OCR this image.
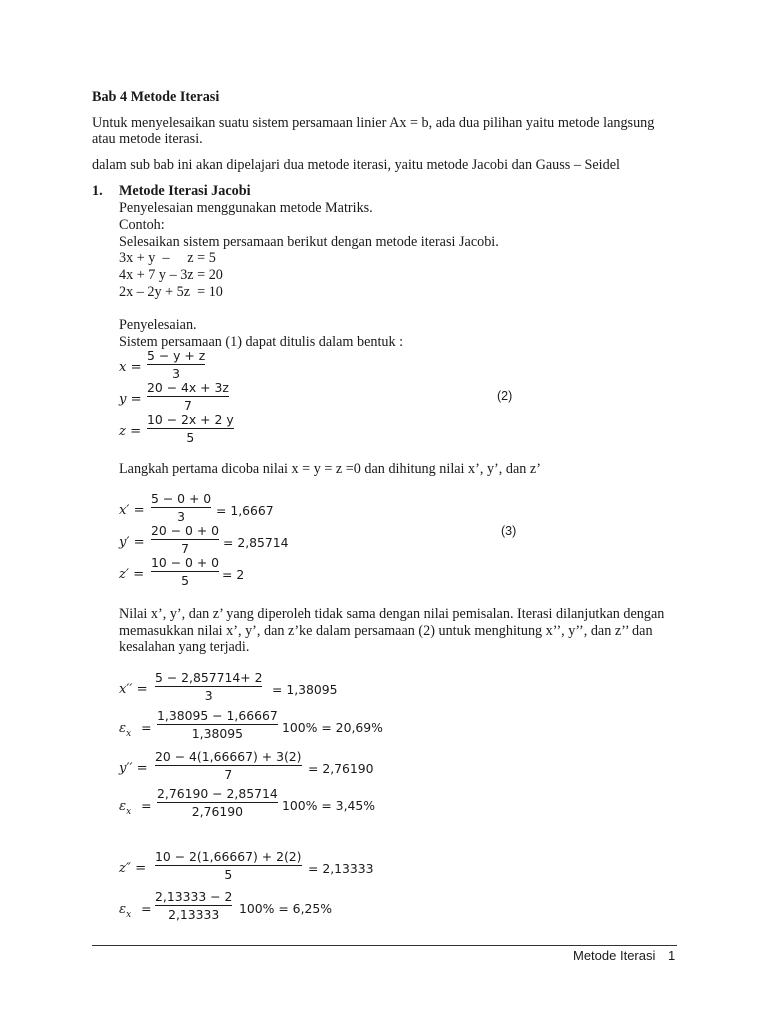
Bab 4 Metode Iterasi
Untuk menyelesaikan suatu sistem persamaan linier Ax = b, ada dua pilihan yaitu metode langsung
atau metode iterasi.
dalam sub bab ini akan dipelajari dua metode iterasi, yaitu metode Jacobi dan Gauss – Seidel
1. Metode Iterasi Jacobi
Penyelesaian menggunakan metode Matriks.
Contoh:
Selesaikan sistem persamaan berikut dengan metode iterasi Jacobi.
3x + y  –     z = 5
4x + 7 y – 3z = 20
2x – 2y + 5z  = 10
Penyelesaian.
Sistem persamaan (1) dapat ditulis dalam bentuk :
x =
5 − y + z
3
y =
20 − 4x + 3z
7
(2)
z =
10 − 2x + 2 y
5
Langkah pertama dicoba nilai x = y = z =0 dan dihitung nilai x’, y’, dan z’
x′ =
5 − 0 + 0
3	= 1,6667
y′ =
20 − 0 + 0
7	= 2,85714
(3)
z′ =
10 − 0 + 0
5	= 2
Nilai x’, y’, dan z’ yang diperoleh tidak sama dengan nilai pemisalan. Iterasi dilanjutkan dengan
memasukkan nilai x’, y’, dan z’ke dalam persamaan (2) untuk menghitung x’’, y’’, dan z’’ dan
kesalahan yang terjadi.
x′′ =
5 − 2,857714+ 2
3	= 1,38095
$\varepsilon_x$ =
1,38095 − 1,66667
1,38095	100% = 20,69%
y′′ =
20 − 4(1,66667) + 3(2)
7	= 2,76190
$\varepsilon_x$ =
2,76190 − 2,85714
2,76190	100% = 3,45%
z″ =
10 − 2(1,66667) + 2(2)
5	= 2,13333
$\varepsilon_x$ =
2,13333 − 2
2,13333	100% = 6,25%
Metode Iterasi 1
